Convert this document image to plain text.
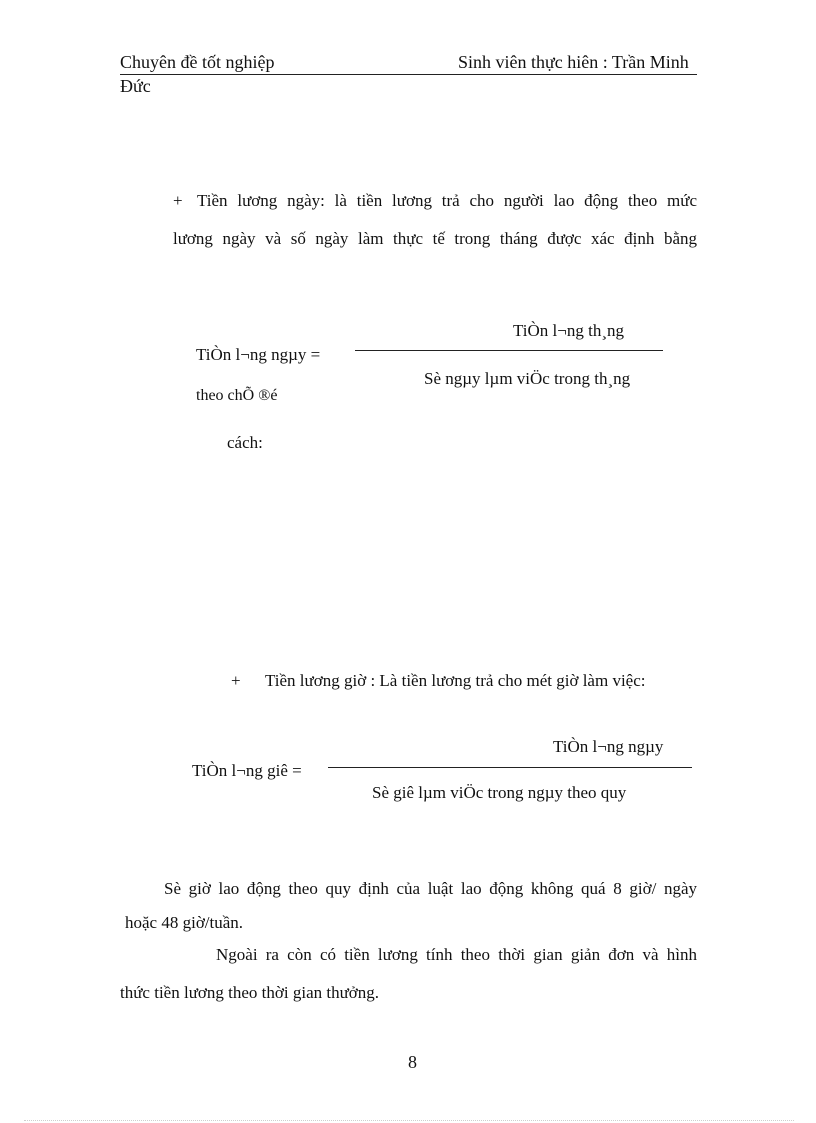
Chuyên đề tốt nghiệp	Sinh viên thực hiên : Trần Minh
Đức
+ Tiền lương ngày: là tiền lương trả cho người lao động theo mức
lương ngày và số ngày làm thực tế trong tháng được xác định bằng
TiÒn l¬ng ngµy =
TiÒn l¬ng th¸ng
Sè ngµy lµm viÖc trong th¸ng
theo chÕ ®é
cách:
+ Tiền lương giờ : Là tiền lương trả cho mét giờ làm việc:
TiÒn l¬ng giê =
TiÒn l¬ng ngµy
Sè giê lµm viÖc trong ngµy theo quy
Sè giờ lao động theo quy định của luật lao động không quá 8 giờ/ ngày
hoặc 48 giờ/tuần.
Ngoài ra còn có tiền lương tính theo thời gian giản đơn và hình
thức tiền lương theo thời gian thưởng.
8
